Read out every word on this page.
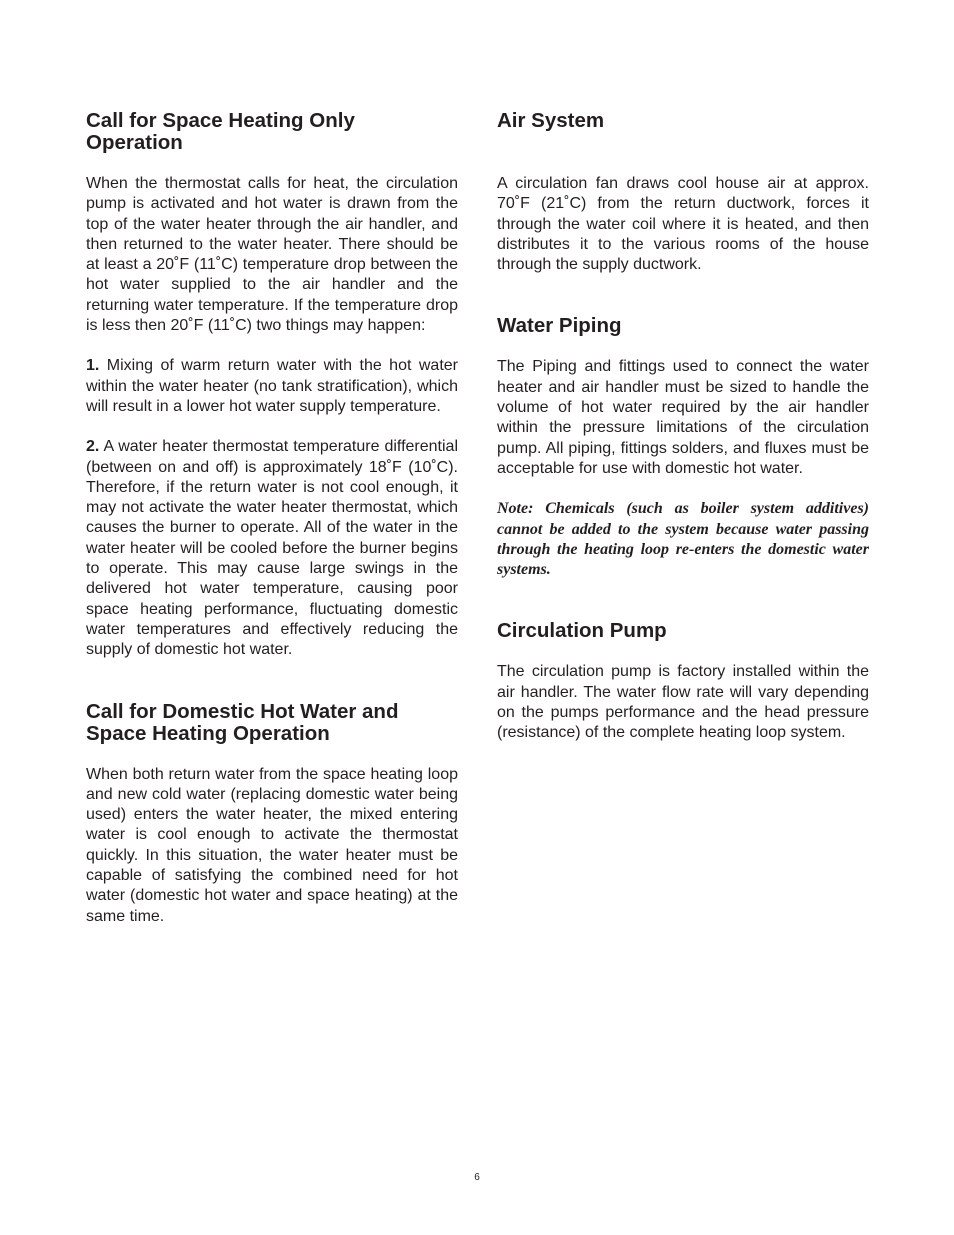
Call for Space Heating Only
Operation

When the thermostat calls for heat, the circulation pump is activated and hot water is drawn from the top of the water heater through the air handler, and then returned to the water heater. There should be at least a 20˚F (11˚C) temperature drop between the hot water supplied to the air handler and the returning water temperature. If the temperature drop is less then 20˚F (11˚C) two things may happen:

1. Mixing of warm return water with the hot water within the water heater (no tank stratification), which will result in a lower hot water supply temperature.

2. A water heater thermostat temperature differential (between on and off) is approximately 18˚F (10˚C). Therefore, if the return water is not cool enough, it may not activate the water heater thermostat, which causes the burner to operate. All of the water in the water heater will be cooled before the burner begins to operate. This may cause large swings in the delivered hot water temperature, causing poor space heating performance, fluctuating domestic water temperatures and effectively reducing the supply of domestic hot water.

Call for Domestic Hot Water and
Space Heating Operation

When both return water from the space heating loop and new cold water (replacing domestic water being used) enters the water heater, the mixed entering water is cool enough to activate the thermostat quickly. In this situation, the water heater must be capable of satisfying the combined need for hot water (domestic hot water and space heating) at the same time.

Air System

A circulation fan draws cool house air at approx. 70˚F (21˚C) from the return ductwork, forces it through the water coil where it is heated, and then distributes it to the various rooms of the house through the supply ductwork.

Water Piping

The Piping and fittings used to connect the water heater and air handler must be sized to handle the volume of hot water required by the air handler within the pressure limitations of the circulation pump. All piping, fittings solders, and fluxes must be acceptable for use with domestic hot water.

Note: Chemicals (such as boiler system additives) cannot be added to the system because water passing through the heating loop re-enters the domestic water systems.

Circulation Pump

The circulation pump is factory installed within the air handler. The water flow rate will vary depending on the pumps performance and the head pressure (resistance) of the complete heating loop system.

6
